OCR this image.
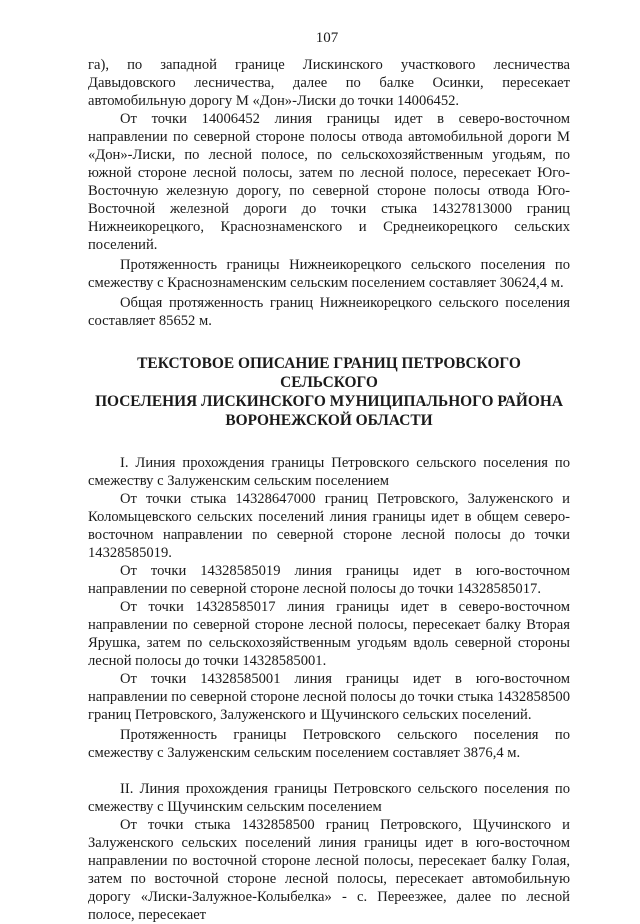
107

га), по западной границе Лискинского участкового лесничества Давыдовского лесничества, далее по балке Осинки, пересекает автомобильную дорогу М «Дон»-Лиски до точки 14006452.

От точки 14006452 линия границы идет в северо-восточном направлении по северной стороне полосы отвода автомобильной дороги М «Дон»-Лиски, по лесной полосе, по сельскохозяйственным угодьям, по южной стороне лесной полосы, затем по лесной полосе, пересекает Юго-Восточную железную дорогу, по северной стороне полосы отвода Юго-Восточной железной дороги до точки стыка 14327813000 границ Нижнеикорецкого, Краснознаменского и Среднеикорецкого сельских поселений.

Протяженность границы Нижнеикорецкого сельского поселения по смежеству с Краснознаменским сельским поселением составляет 30624,4 м.

Общая протяженность границ Нижнеикорецкого сельского поселения составляет 85652 м.

ТЕКСТОВОЕ ОПИСАНИЕ ГРАНИЦ ПЕТРОВСКОГО СЕЛЬСКОГО
ПОСЕЛЕНИЯ ЛИСКИНСКОГО МУНИЦИПАЛЬНОГО РАЙОНА
ВОРОНЕЖСКОЙ ОБЛАСТИ

I. Линия прохождения границы Петровского сельского поселения по смежеству с Залуженским сельским поселением

От точки стыка 14328647000 границ Петровского, Залуженского и Коломыцевского сельских поселений линия границы идет в общем северо-восточном направлении по северной стороне лесной полосы до точки 14328585019.

От точки 14328585019 линия границы идет в юго-восточном направлении по северной стороне лесной полосы до точки 14328585017.

От точки 14328585017 линия границы идет в северо-восточном направлении по северной стороне лесной полосы, пересекает балку Вторая Ярушка, затем по сельскохозяйственным угодьям вдоль северной стороны лесной полосы до точки 14328585001.

От точки 14328585001 линия границы идет в юго-восточном направлении по северной стороне лесной полосы до точки стыка 1432858500 границ Петровского, Залуженского и Щучинского сельских поселений.

Протяженность границы Петровского сельского поселения по смежеству с Залуженским сельским поселением составляет 3876,4 м.

II. Линия прохождения границы Петровского сельского поселения по смежеству с Щучинским сельским поселением

От точки стыка 1432858500 границ Петровского, Щучинского и Залуженского сельских поселений линия границы идет в юго-восточном направлении по восточной стороне лесной полосы, пересекает балку Голая, затем по восточной стороне лесной полосы, пересекает автомобильную дорогу «Лиски-Залужное-Колыбелка» - с. Переезжее, далее по лесной полосе, пересекает
